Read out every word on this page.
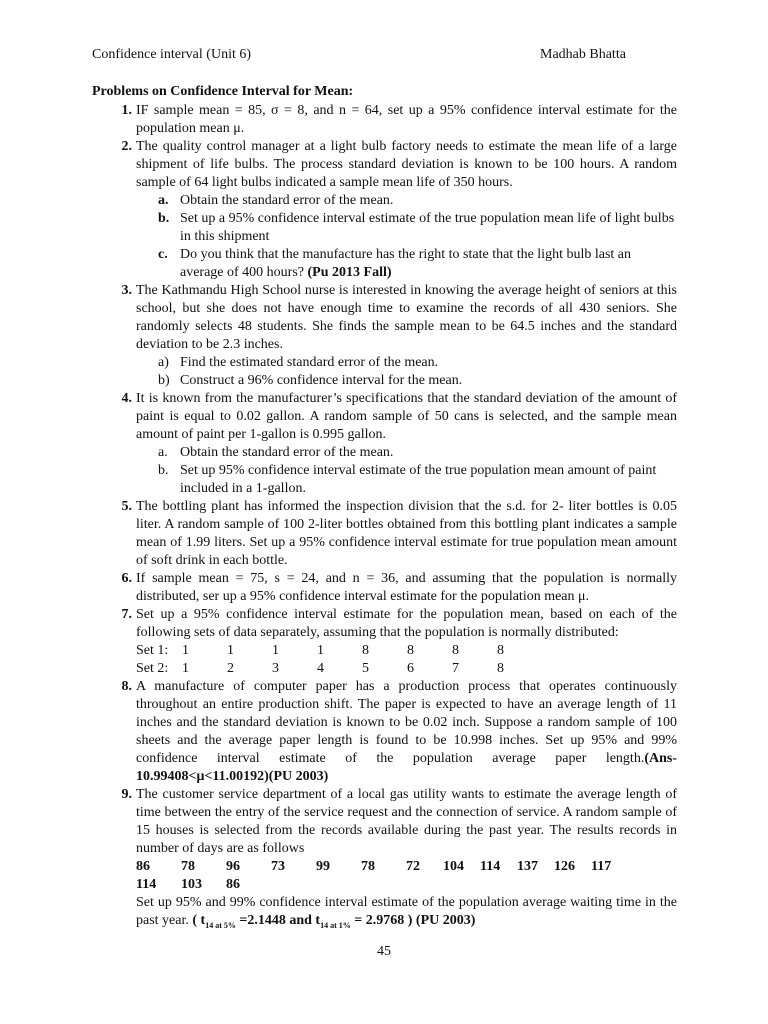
Confidence interval (Unit 6)	Madhab Bhatta
Problems on Confidence Interval for Mean:
1. IF sample mean = 85, σ = 8, and n = 64, set up a 95% confidence interval estimate for the population mean μ.
2. The quality control manager at a light bulb factory needs to estimate the mean life of a large shipment of life bulbs. The process standard deviation is known to be 100 hours. A random sample of 64 light bulbs indicated a sample mean life of 350 hours.
a. Obtain the standard error of the mean.
b. Set up a 95% confidence interval estimate of the true population mean life of light bulbs in this shipment
c. Do you think that the manufacture has the right to state that the light bulb last an average of 400 hours? (Pu 2013 Fall)
3. The Kathmandu High School nurse is interested in knowing the average height of seniors at this school, but she does not have enough time to examine the records of all 430 seniors. She randomly selects 48 students. She finds the sample mean to be 64.5 inches and the standard deviation to be 2.3 inches.
a) Find the estimated standard error of the mean.
b) Construct a 96% confidence interval for the mean.
4. It is known from the manufacturer’s specifications that the standard deviation of the amount of paint is equal to 0.02 gallon. A random sample of 50 cans is selected, and the sample mean amount of paint per 1-gallon is 0.995 gallon.
a. Obtain the standard error of the mean.
b. Set up 95% confidence interval estimate of the true population mean amount of paint included in a 1-gallon.
5. The bottling plant has informed the inspection division that the s.d. for 2- liter bottles is 0.05 liter. A random sample of 100 2-liter bottles obtained from this bottling plant indicates a sample mean of 1.99 liters. Set up a 95% confidence interval estimate for true population mean amount of soft drink in each bottle.
6. If sample mean = 75, s = 24, and n = 36, and assuming that the population is normally distributed, ser up a 95% confidence interval estimate for the population mean μ.
7. Set up a 95% confidence interval estimate for the population mean, based on each of the following sets of data separately, assuming that the population is normally distributed:
Set 1: 1	1	1	1	8	8	8	8
Set 2: 1	2	3	4	5	6	7	8
8. A manufacture of computer paper has a production process that operates continuously throughout an entire production shift. The paper is expected to have an average length of 11 inches and the standard deviation is known to be 0.02 inch. Suppose a random sample of 100 sheets and the average paper length is found to be 10.998 inches. Set up 95% and 99% confidence interval estimate of the population average paper length.(Ans- 10.99408<μ<11.00192)(PU 2003)
9. The customer service department of a local gas utility wants to estimate the average length of time between the entry of the service request and the connection of service. A random sample of 15 houses is selected from the records available during the past year. The results records in number of days are as follows
86	78	96	73	99	78	72	104	114	137	126	117
114	103	86
Set up 95% and 99% confidence interval estimate of the population average waiting time in the past year. ( $t_{14 at 5\%} =2.1448$ and $t_{14 at 1\%} = 2.9768$ ) (PU 2003)
45
